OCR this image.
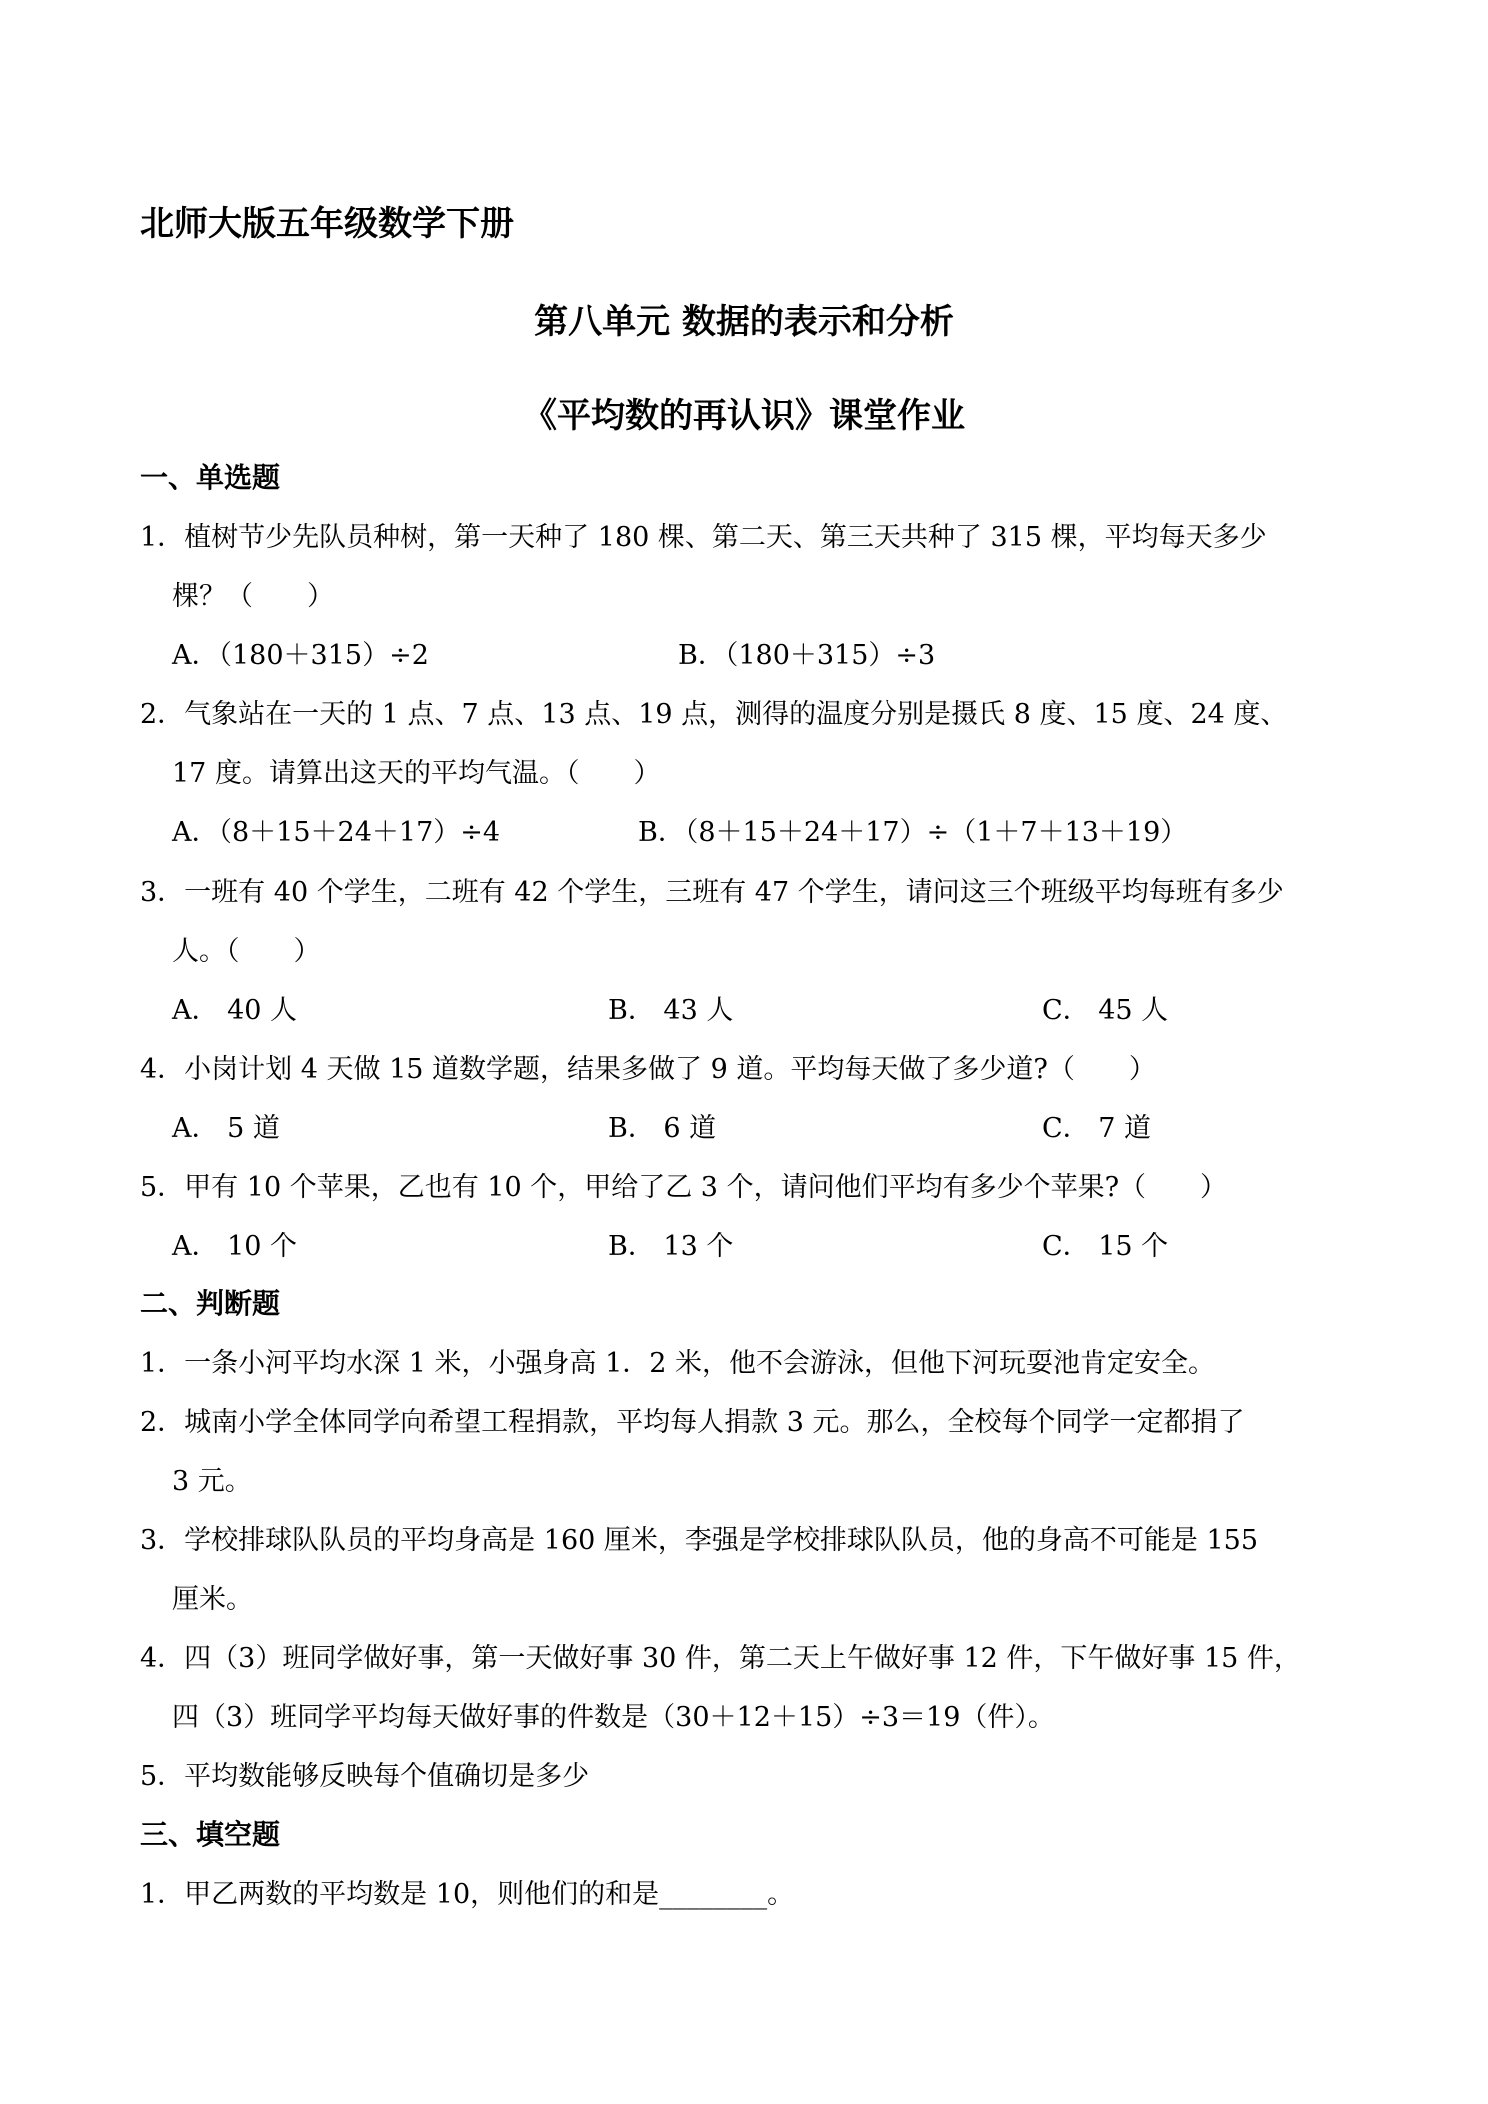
北师大版五年级数学下册
第八单元 数据的表示和分析
《平均数的再认识》课堂作业
一、单选题
1．植树节少先队员种树，第一天种了 180 棵、第二天、第三天共种了 315 棵，平均每天多少
棵？（　　）
A．（180＋315）÷2	B．（180＋315）÷3
2．气象站在一天的 1 点、7 点、13 点、19 点，测得的温度分别是摄氏 8 度、15 度、24 度、
17 度。请算出这天的平均气温。（　　）
A．（8＋15＋24＋17）÷4	B．（8＋15＋24＋17）÷（1＋7＋13＋19）
3．一班有 40 个学生，二班有 42 个学生，三班有 47 个学生，请问这三个班级平均每班有多少
人。（　　）
A． 40 人	B． 43 人	C． 45 人
4．小岗计划 4 天做 15 道数学题，结果多做了 9 道。平均每天做了多少道?（　　）
A． 5 道	B． 6 道	C． 7 道
5．甲有 10 个苹果，乙也有 10 个，甲给了乙 3 个，请问他们平均有多少个苹果?（　　）
A． 10 个	B． 13 个	C． 15 个
二、判断题
1．一条小河平均水深 1 米，小强身高 1．2 米，他不会游泳，但他下河玩耍池肯定安全。
2．城南小学全体同学向希望工程捐款，平均每人捐款 3 元。那么，全校每个同学一定都捐了
3 元。
3．学校排球队队员的平均身高是 160 厘米，李强是学校排球队队员，他的身高不可能是 155
厘米。
4．四（3）班同学做好事，第一天做好事 30 件，第二天上午做好事 12 件，下午做好事 15 件，
四（3）班同学平均每天做好事的件数是（30＋12＋15）÷3＝19（件）。
5．平均数能够反映每个值确切是多少
三、填空题
1．甲乙两数的平均数是 10，则他们的和是________。
